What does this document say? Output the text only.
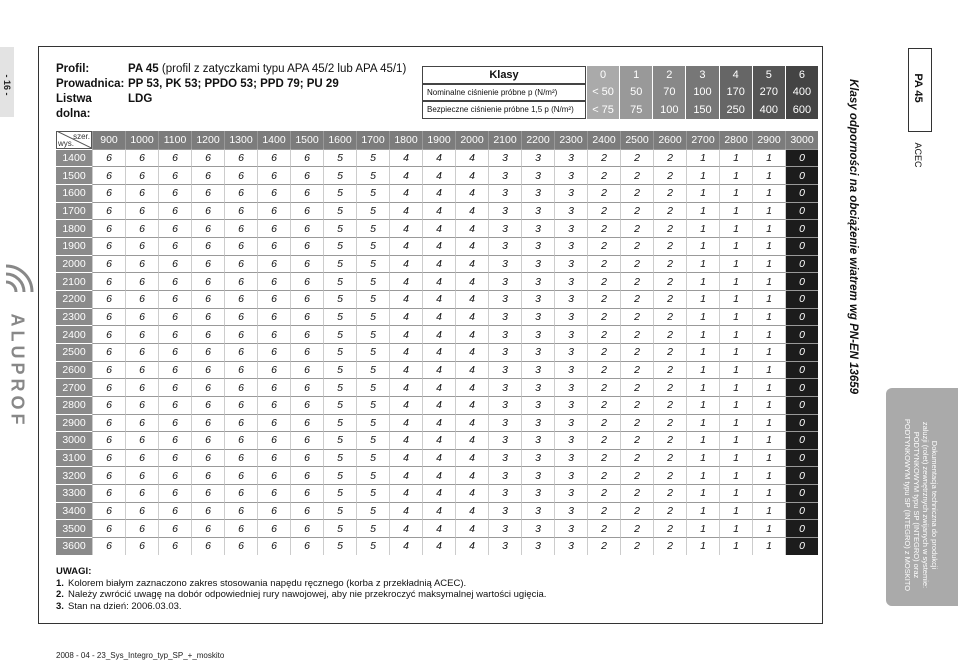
- 16 -
ALUPROF
Profil:	PA 45 (profil z zatyczkami typu APA 45/2 lub APA 45/1)
Prowadnica: PP 53, PK 53; PPDO 53; PPD 79; PU 29
Listwa dolna:
LDG
Klasy	0	1	2	3	4	5	6
Nominalne ciśnienie próbne p (N/m²)	< 50	50	70	100	170	270	400
Bezpieczne ciśnienie próbne 1,5 p (N/m²)	< 75	75	100	150	250	400	600
szer.
wys.	900	1000 1100 1200 1300 1400 1500 1600 1700 1800 1900 2000 2100 2200 2300 2400 2500 2600 2700 2800 2900 3000
1400	6	6	6	6	6	6	6	5	5	4	4	4	3	3	3	2	2	2	1	1	1	0
1500	6	6	6	6	6	6	6	5	5	4	4	4	3	3	3	2	2	2	1	1	1	0
1600	6	6	6	6	6	6	6	5	5	4	4	4	3	3	3	2	2	2	1	1	1	0
1700	6	6	6	6	6	6	6	5	5	4	4	4	3	3	3	2	2	2	1	1	1	0
1800	6	6	6	6	6	6	6	5	5	4	4	4	3	3	3	2	2	2	1	1	1	0
1900	6	6	6	6	6	6	6	5	5	4	4	4	3	3	3	2	2	2	1	1	1	0
2000	6	6	6	6	6	6	6	5	5	4	4	4	3	3	3	2	2	2	1	1	1	0
2100	6	6	6	6	6	6	6	5	5	4	4	4	3	3	3	2	2	2	1	1	1	0
2200	6	6	6	6	6	6	6	5	5	4	4	4	3	3	3	2	2	2	1	1	1	0
2300	6	6	6	6	6	6	6	5	5	4	4	4	3	3	3	2	2	2	1	1	1	0
2400	6	6	6	6	6	6	6	5	5	4	4	4	3	3	3	2	2	2	1	1	1	0
2500	6	6	6	6	6	6	6	5	5	4	4	4	3	3	3	2	2	2	1	1	1	0
2600	6	6	6	6	6	6	6	5	5	4	4	4	3	3	3	2	2	2	1	1	1	0
2700	6	6	6	6	6	6	6	5	5	4	4	4	3	3	3	2	2	2	1	1	1	0
2800	6	6	6	6	6	6	6	5	5	4	4	4	3	3	3	2	2	2	1	1	1	0
2900	6	6	6	6	6	6	6	5	5	4	4	4	3	3	3	2	2	2	1	1	1	0
3000	6	6	6	6	6	6	6	5	5	4	4	4	3	3	3	2	2	2	1	1	1	0
3100	6	6	6	6	6	6	6	5	5	4	4	4	3	3	3	2	2	2	1	1	1	0
3200	6	6	6	6	6	6	6	5	5	4	4	4	3	3	3	2	2	2	1	1	1	0
3300	6	6	6	6	6	6	6	5	5	4	4	4	3	3	3	2	2	2	1	1	1	0
3400	6	6	6	6	6	6	6	5	5	4	4	4	3	3	3	2	2	2	1	1	1	0
3500	6	6	6	6	6	6	6	5	5	4	4	4	3	3	3	2	2	2	1	1	1	0
3600	6	6	6	6	6	6	6	5	5	4	4	4	3	3	3	2	2	2	1	1	1	0
UWAGI:
1. Kolorem białym zaznaczono zakres stosowania napędu ręcznego (korba z przekładnią ACEC).
2. Należy zwrócić uwagę na dobór odpowiedniej rury nawojowej, aby nie przekroczyć maksymalnej wartości ugięcia.
3. Stan na dzień: 2006.03.03.
2008 - 04 - 23_Sys_Integro_typ_SP_+_moskito
Klasy odporności na obciążenie wiatrem wg PN-EN 13659	PA 45
ACEC
Dokumentacja techniczna do produkcji
zaluzji (rolet) zewnętrznych zwijanych w systemie:
PODTYNKOWYM typu SP (INTEGRO) oraz
PODTYNKOWYM typu SP (INTEGRO) z MOSKITO
